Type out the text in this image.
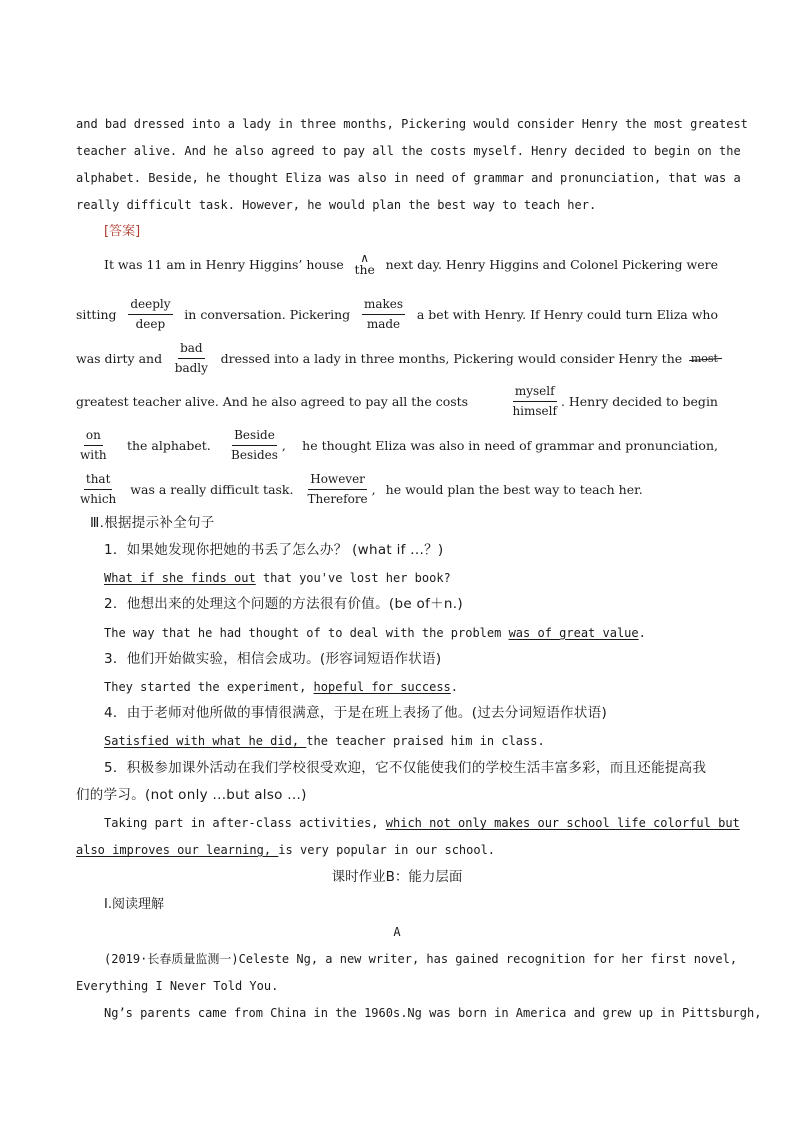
and bad dressed into a lady in three months, Pickering would consider Henry the most greatest
teacher alive. And he also agreed to pay all the costs myself. Henry decided to begin on the
alphabet. Beside, he thought Eliza was also in need of grammar and pronunciation, that was a
really difficult task. However, he would plan the best way to teach her.
[答案]
It was 11 am in Henry Higgins’ house ∧
the next day. Henry Higgins and Colonel Pickering were
sitting $\frac{\text{deeply}}{\text{deep}}$ in conversation. Pickering $\frac{\text{makes}}{\text{made}}$ a bet with Henry. If Henry could turn Eliza who
was dirty and $\frac{\text{bad}}{\text{badly}}$ dressed into a lady in three months, Pickering would consider Henry the most
greatest teacher alive. And he also agreed to pay all the costs	$\frac{\text{myself}}{\text{himself}}$ . Henry decided to begin
$\frac{on}{\text{with}}$ the alphabet. $\frac{\text{Beside}}{\text{Besides}}$ , he thought Eliza was also in need of grammar and pronunciation,
$\frac{\text{that}}{\text{which}}$ was a really difficult task. $\frac{\text{However}}{\text{Therefore}}$ , he would plan the best way to teach her.
Ⅲ.根据提示补全句子
1．如果她发现你把她的书丢了怎么办？ (what if ...？)
What if she finds out that you've lost her book?
2．他想出来的处理这个问题的方法很有价值。(be of＋n.)
The way that he had thought of to deal with the problem was of great value.
3．他们开始做实验，相信会成功。(形容词短语作状语)
They started the experiment, hopeful for success.
4．由于老师对他所做的事情很满意，于是在班上表扬了他。(过去分词短语作状语)
Satisfied with what he did, the teacher praised him in class.
5．积极参加课外活动在我们学校很受欢迎，它不仅能使我们的学校生活丰富多彩，而且还能提高我
们的学习。(not only ...but also ...)
Taking part in after-class activities, which not only makes our school life colorful but
also improves our learning, is very popular in our school.
课时作业B：能力层面
Ⅰ.阅读理解
A
(2019·长春质量监测一)Celeste Ng, a new writer, has gained recognition for her first novel,
Everything I Never Told You.
Ng’s parents came from China in the 1960s.Ng was born in America and grew up in Pittsburgh,
